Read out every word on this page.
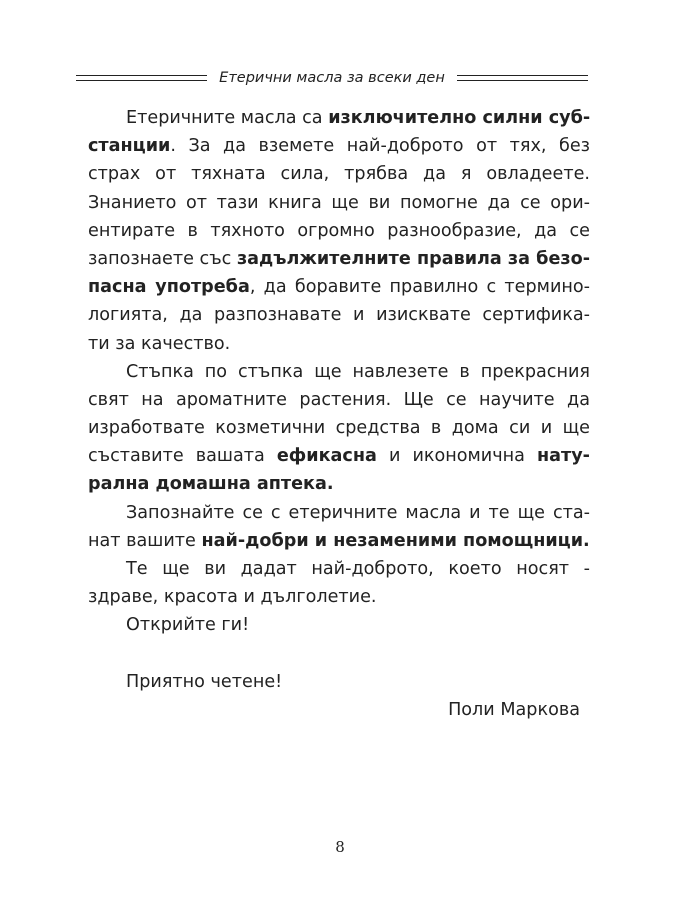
Етерични масла за всеки ден
Етеричните масла са изключително силни суб-
станции. За да вземете най-доброто от тях, без
страх от тяхната сила, трябва да я овладеете.
Знанието от тази книга ще ви помогне да се ори-
ентирате в тяхното огромно разнообразие, да се
запознаете със задължителните правила за безо-
пасна употреба, да боравите правилно с термино-
логията, да разпознавате и изисквате сертифика-
ти за качество.
Стъпка по стъпка ще навлезете в прекрасния
свят на ароматните растения. Ще се научите да
изработвате козметични средства в дома си и ще
съставите вашата ефикасна и икономична нату-
рална домашна аптека.
Запознайте се с етеричните масла и те ще ста-
нат вашите най-добри и незаменими помощници.
Те ще ви дадат най-доброто, което носят -
здраве, красота и дълголетие.
Открийте ги!
Приятно четене!
Поли Маркова
8
